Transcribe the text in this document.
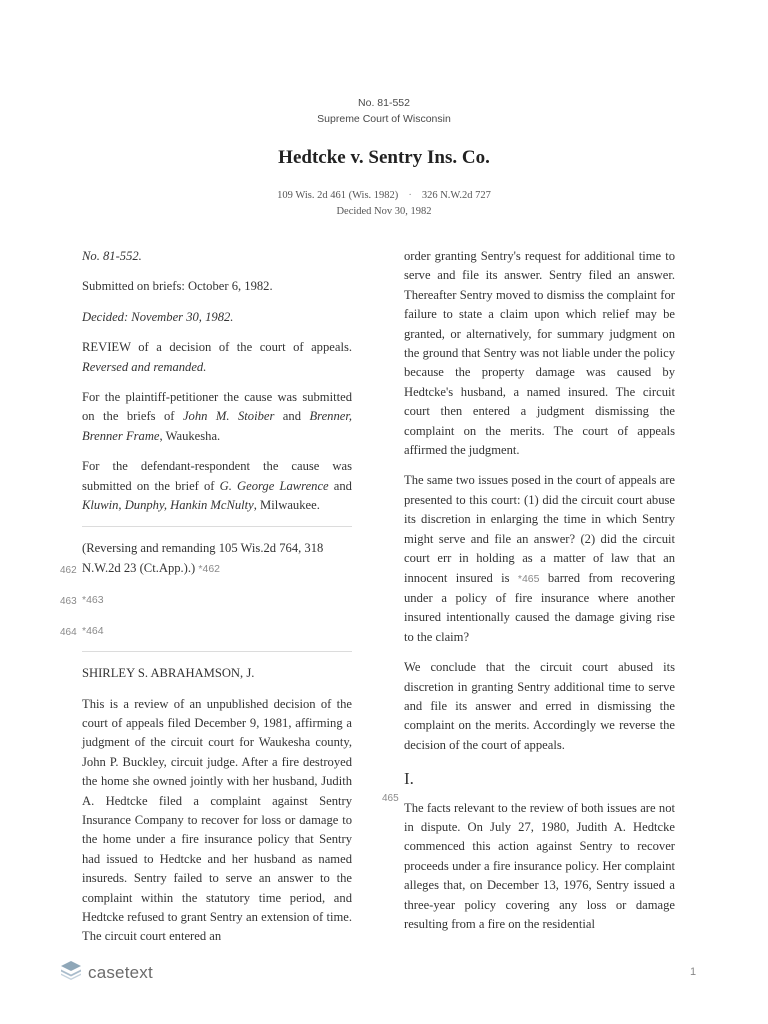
No. 81-552
Supreme Court of Wisconsin
Hedtcke v. Sentry Ins. Co.
109 Wis. 2d 461 (Wis. 1982) · 326 N.W.2d 727
Decided Nov 30, 1982

No. 81-552.

Submitted on briefs: October 6, 1982.

Decided: November 30, 1982.

REVIEW of a decision of the court of appeals. Reversed and remanded.

For the plaintiff-petitioner the cause was submitted on the briefs of John M. Stoiber and Brenner, Brenner Frame, Waukesha.

For the defendant-respondent the cause was submitted on the brief of G. George Lawrence and Kluwin, Dunphy, Hankin McNulty, Milwaukee.

462
(Reversing and remanding 105 Wis.2d 764, 318 N.W.2d 23 (Ct.App.).) *462
463 *463
464 *464

SHIRLEY S. ABRAHAMSON, J.

This is a review of an unpublished decision of the court of appeals filed December 9, 1981, affirming a judgment of the circuit court for Waukesha county, John P. Buckley, circuit judge. After a fire destroyed the home she owned jointly with her husband, Judith A. Hedtcke filed a complaint against Sentry Insurance Company to recover for loss or damage to the home under a fire insurance policy that Sentry had issued to Hedtcke and her husband as named insureds. Sentry failed to serve an answer to the complaint within the statutory time period, and Hedtcke refused to grant Sentry an extension of time. The circuit court entered an

order granting Sentry's request for additional time to serve and file its answer. Sentry filed an answer. Thereafter Sentry moved to dismiss the complaint for failure to state a claim upon which relief may be granted, or alternatively, for summary judgment on the ground that Sentry was not liable under the policy because the property damage was caused by Hedtcke's husband, a named insured. The circuit court then entered a judgment dismissing the complaint on the merits. The court of appeals affirmed the judgment.

465
The same two issues posed in the court of appeals are presented to this court: (1) did the circuit court abuse its discretion in enlarging the time in which Sentry might serve and file an answer? (2) did the circuit court err in holding as a matter of law that an innocent insured is *465 barred from recovering under a policy of fire insurance where another insured intentionally caused the damage giving rise to the claim?

We conclude that the circuit court abused its discretion in granting Sentry additional time to serve and file its answer and erred in dismissing the complaint on the merits. Accordingly we reverse the decision of the court of appeals.

I.

The facts relevant to the review of both issues are not in dispute. On July 27, 1980, Judith A. Hedtcke commenced this action against Sentry to recover proceeds under a fire insurance policy. Her complaint alleges that, on December 13, 1976, Sentry issued a three-year policy covering any loss or damage resulting from a fire on the residential

casetext	1
